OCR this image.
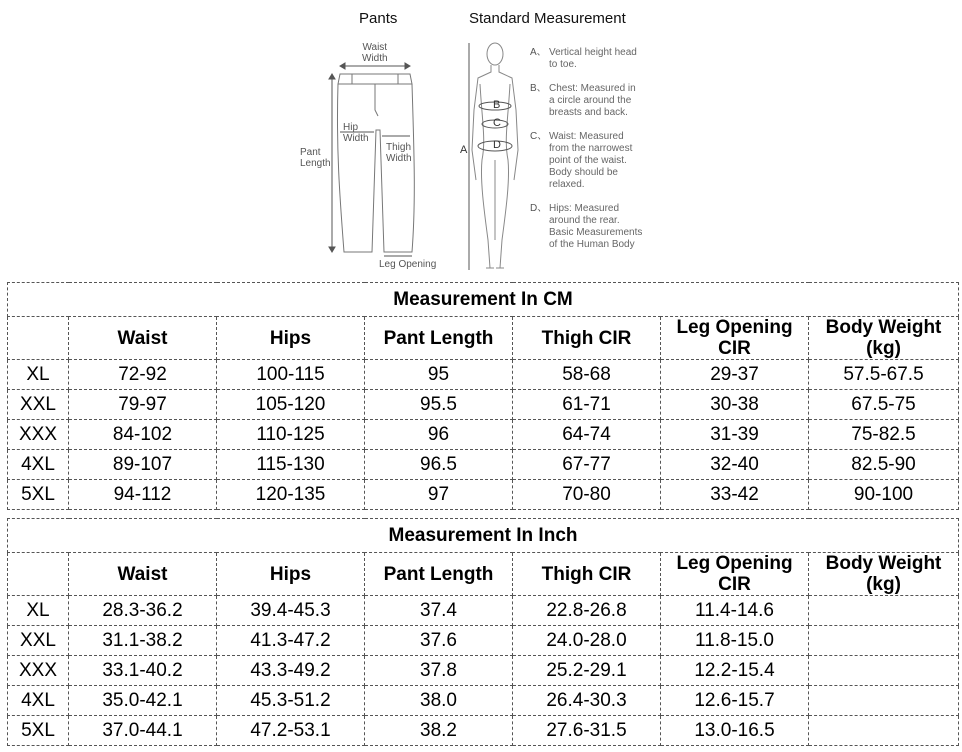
Pants	Standard Measurement
Waist
Width
Hip
Width
Thigh
Width
Pant
Length
Leg Opening
A
B
C
D
A、 Vertical height head
to toe.
B、 Chest: Measured in
a circle around the
breasts and back.
C、 Waist: Measured
from the narrowest
point of the waist.
Body should be
relaxed.
D、 Hips: Measured
around the rear.
Basic Measurements
of the Human Body
Measurement In CM						
	Waist	Hips	Pant Length	Thigh CIR	Leg Opening CIR	Body Weight (kg)
XL	72-92	100-115	95	58-68	29-37	57.5-67.5
XXL	79-97	105-120	95.5	61-71	30-38	67.5-75
XXX	84-102	110-125	96	64-74	31-39	75-82.5
4XL	89-107	115-130	96.5	67-77	32-40	82.5-90
5XL	94-112	120-135	97	70-80	33-42	90-100
Measurement In Inch						
	Waist	Hips	Pant Length	Thigh CIR	Leg Opening CIR	Body Weight (kg)
XL	28.3-36.2	39.4-45.3	37.4	22.8-26.8	11.4-14.6	
XXL	31.1-38.2	41.3-47.2	37.6	24.0-28.0	11.8-15.0	
XXX	33.1-40.2	43.3-49.2	37.8	25.2-29.1	12.2-15.4	
4XL	35.0-42.1	45.3-51.2	38.0	26.4-30.3	12.6-15.7	
5XL	37.0-44.1	47.2-53.1	38.2	27.6-31.5	13.0-16.5	
